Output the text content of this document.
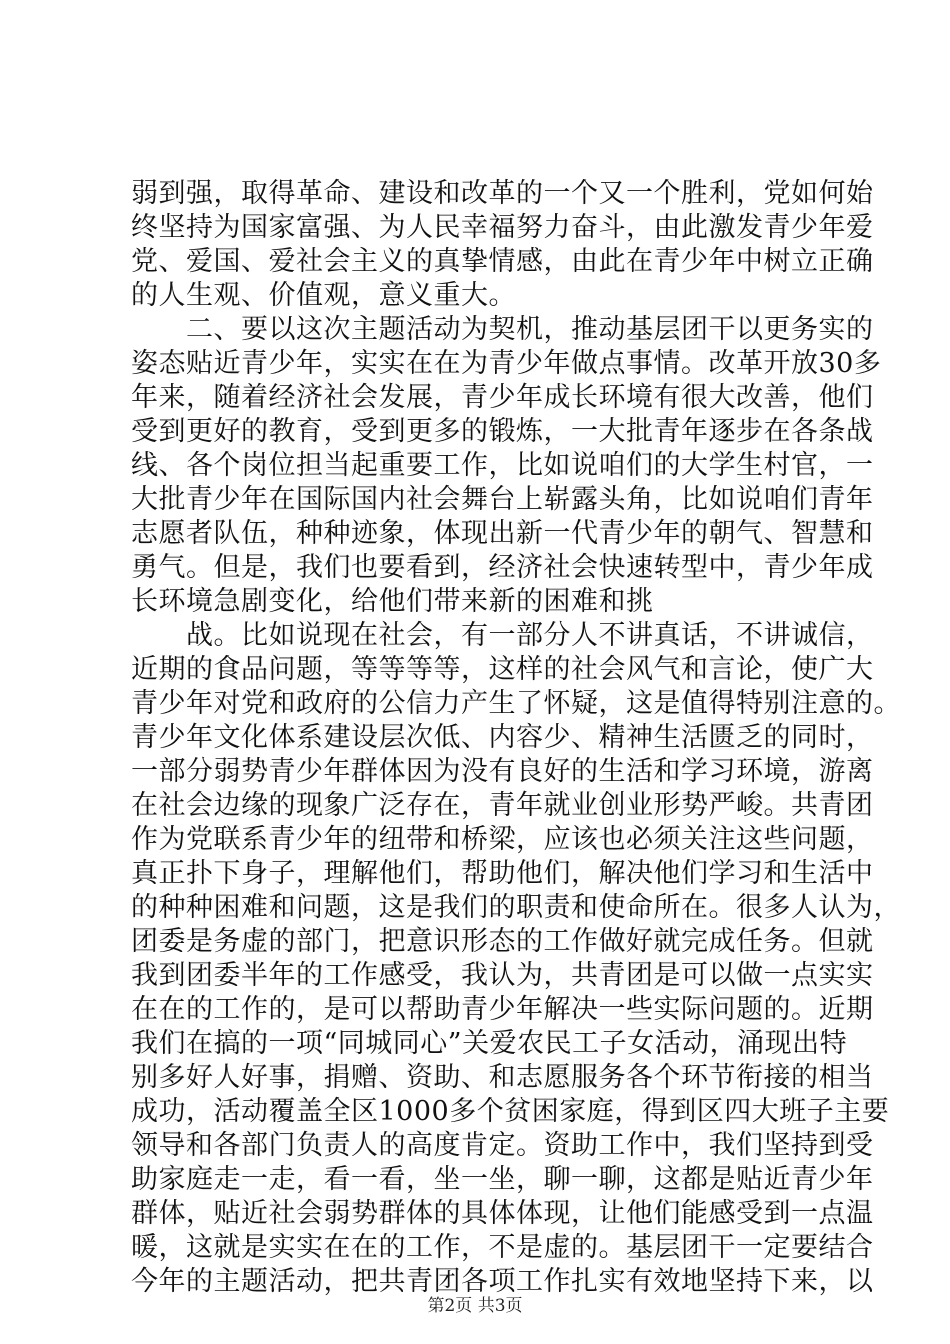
弱到强，取得革命、建设和改革的一个又一个胜利，党如何始
终坚持为国家富强、为人民幸福努力奋斗，由此激发青少年爱
党、爱国、爱社会主义的真挚情感，由此在青少年中树立正确
的人生观、价值观，意义重大。
　　二、要以这次主题活动为契机，推动基层团干以更务实的
姿态贴近青少年，实实在在为青少年做点事情。改革开放30多
年来，随着经济社会发展，青少年成长环境有很大改善，他们
受到更好的教育，受到更多的锻炼，一大批青年逐步在各条战
线、各个岗位担当起重要工作，比如说咱们的大学生村官，一
大批青少年在国际国内社会舞台上崭露头角，比如说咱们青年
志愿者队伍，种种迹象，体现出新一代青少年的朝气、智慧和
勇气。但是，我们也要看到，经济社会快速转型中，青少年成
长环境急剧变化，给他们带来新的困难和挑
　　战。比如说现在社会，有一部分人不讲真话，不讲诚信，
近期的食品问题，等等等等，这样的社会风气和言论，使广大
青少年对党和政府的公信力产生了怀疑，这是值得特别注意的。
青少年文化体系建设层次低、内容少、精神生活匮乏的同时，
一部分弱势青少年群体因为没有良好的生活和学习环境，游离
在社会边缘的现象广泛存在，青年就业创业形势严峻。共青团
作为党联系青少年的纽带和桥梁，应该也必须关注这些问题，
真正扑下身子，理解他们，帮助他们，解决他们学习和生活中
的种种困难和问题，这是我们的职责和使命所在。很多人认为，
团委是务虚的部门，把意识形态的工作做好就完成任务。但就
我到团委半年的工作感受，我认为，共青团是可以做一点实实
在在的工作的，是可以帮助青少年解决一些实际问题的。近期
我们在搞的一项“同城同心”关爱农民工子女活动，涌现出特
别多好人好事，捐赠、资助、和志愿服务各个环节衔接的相当
成功，活动覆盖全区1000多个贫困家庭，得到区四大班子主要
领导和各部门负责人的高度肯定。资助工作中，我们坚持到受
助家庭走一走，看一看，坐一坐，聊一聊，这都是贴近青少年
群体，贴近社会弱势群体的具体体现，让他们能感受到一点温
暖，这就是实实在在的工作，不是虚的。基层团干一定要结合
今年的主题活动，把共青团各项工作扎实有效地坚持下来，以
第2页 共3页
